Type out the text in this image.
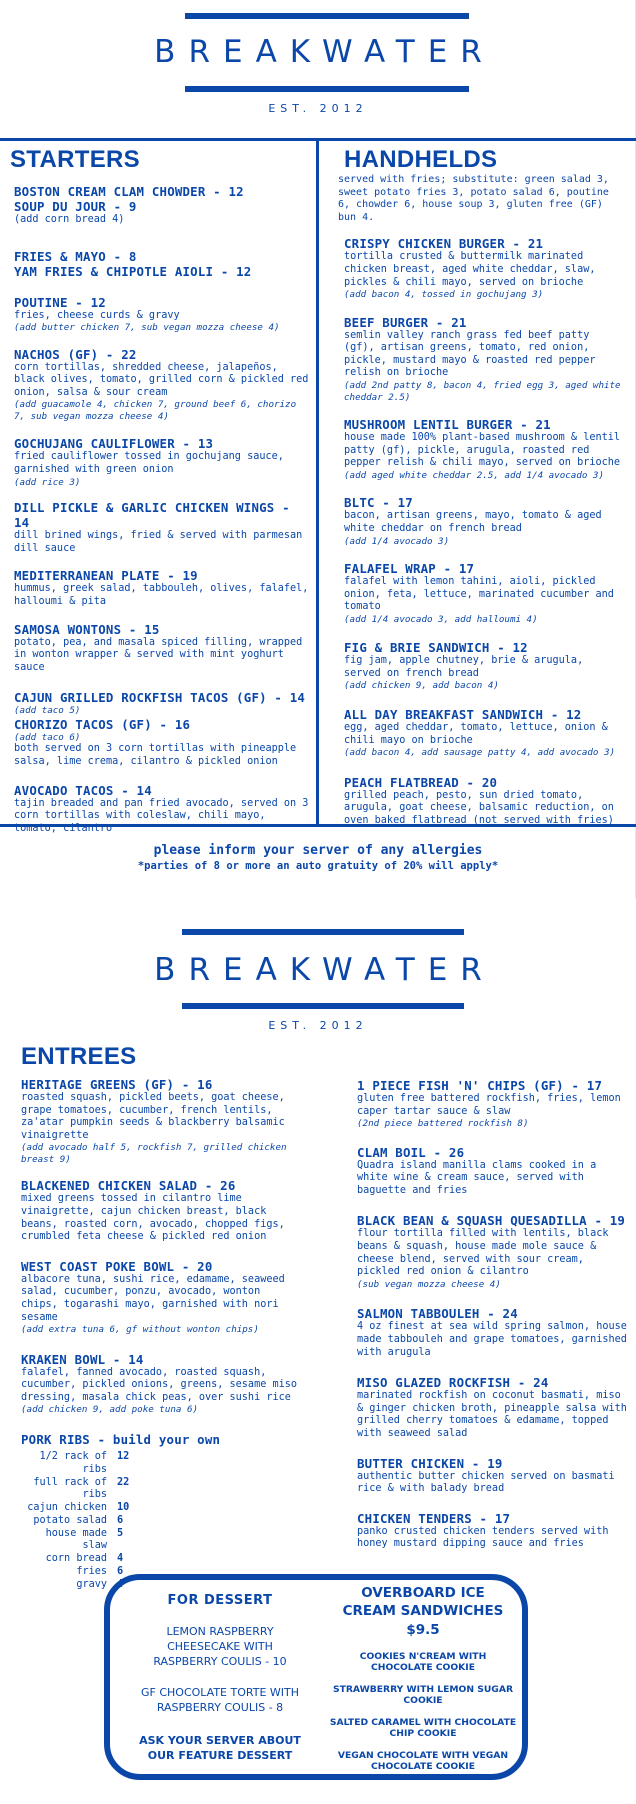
BREAKWATER
EST. 2012
STARTERS
BOSTON CREAM CLAM CHOWDER - 12
SOUP DU JOUR - 9
(add corn bread 4)
FRIES & MAYO - 8
YAM FRIES & CHIPOTLE AIOLI - 12
POUTINE - 12
fries, cheese curds & gravy
(add butter chicken 7, sub vegan mozza cheese 4)
NACHOS (GF) - 22
corn tortillas, shredded cheese, jalapeños, black olives, tomato, grilled corn & pickled red onion, salsa & sour cream
(add guacamole 4, chicken 7, ground beef 6, chorizo 7, sub vegan mozza cheese 4)
GOCHUJANG CAULIFLOWER - 13
fried cauliflower tossed in gochujang sauce, garnished with green onion
(add rice 3)
DILL PICKLE & GARLIC CHICKEN WINGS - 14
dill brined wings, fried & served with parmesan dill sauce
MEDITERRANEAN PLATE - 19
hummus, greek salad, tabbouleh, olives, falafel, halloumi & pita
SAMOSA WONTONS - 15
potato, pea, and masala spiced filling, wrapped in wonton wrapper & served with mint yoghurt sauce
CAJUN GRILLED ROCKFISH TACOS (GF) - 14
(add taco 5)
CHORIZO TACOS (GF) - 16
(add taco 6)
both served on 3 corn tortillas with pineapple salsa, lime crema, cilantro & pickled onion
AVOCADO TACOS - 14
tajin breaded and pan fried avocado, served on 3 corn tortillas with coleslaw, chili mayo, tomato, cilantro
HANDHELDS
served with fries; substitute: green salad 3, sweet potato fries 3, potato salad 6, poutine 6, chowder 6, house soup 3, gluten free (GF) bun 4.
CRISPY CHICKEN BURGER - 21
tortilla crusted & buttermilk marinated chicken breast, aged white cheddar, slaw, pickles & chili mayo, served on brioche
(add bacon 4, tossed in gochujang 3)
BEEF BURGER - 21
semlin valley ranch grass fed beef patty (gf), artisan greens, tomato, red onion, pickle, mustard mayo & roasted red pepper relish on brioche
(add 2nd patty 8, bacon 4, fried egg 3, aged white cheddar 2.5)
MUSHROOM LENTIL BURGER - 21
house made 100% plant-based mushroom & lentil patty (gf), pickle, arugula, roasted red pepper relish & chili mayo, served on brioche
(add aged white cheddar 2.5, add 1/4 avocado 3)
BLTC - 17
bacon, artisan greens, mayo, tomato & aged white cheddar on french bread
(add 1/4 avocado 3)
FALAFEL WRAP - 17
falafel with lemon tahini, aioli, pickled onion, feta, lettuce, marinated cucumber and tomato
(add 1/4 avocado 3, add halloumi 4)
FIG & BRIE SANDWICH - 12
fig jam, apple chutney, brie & arugula, served on french bread
(add chicken 9, add bacon 4)
ALL DAY BREAKFAST SANDWICH - 12
egg, aged cheddar, tomato, lettuce, onion & chili mayo on brioche
(add bacon 4, add sausage patty 4, add avocado 3)
PEACH FLATBREAD - 20
grilled peach, pesto, sun dried tomato, arugula, goat cheese, balsamic reduction, on oven baked flatbread (not served with fries)
please inform your server of any allergies
*parties of 8 or more an auto gratuity of 20% will apply*
BREAKWATER
EST. 2012
ENTREES
HERITAGE GREENS (GF) - 16
roasted squash, pickled beets, goat cheese, grape tomatoes, cucumber, french lentils, za'atar pumpkin seeds & blackberry balsamic vinaigrette
(add avocado half 5, rockfish 7, grilled chicken breast 9)
BLACKENED CHICKEN SALAD - 26
mixed greens tossed in cilantro lime vinaigrette, cajun chicken breast, black beans, roasted corn, avocado, chopped figs, crumbled feta cheese & pickled red onion
WEST COAST POKE BOWL - 20
albacore tuna, sushi rice, edamame, seaweed salad, cucumber, ponzu, avocado, wonton chips, togarashi mayo, garnished with nori sesame
(add extra tuna 6, gf without wonton chips)
KRAKEN BOWL - 14
falafel, fanned avocado, roasted squash, cucumber, pickled onions, greens, sesame miso dressing, masala chick peas, over sushi rice
(add chicken 9, add poke tuna 6)
PORK RIBS - build your own
1/2 rack of ribs
12
full rack of ribs
22
cajun chicken 10
potato salad 6
house made slaw
5
corn bread 4
fries 6
gravy 4
1 PIECE FISH 'N' CHIPS (GF) - 17
gluten free battered rockfish, fries, lemon caper tartar sauce & slaw
(2nd piece battered rockfish 8)
CLAM BOIL - 26
Quadra island manilla clams cooked in a white wine & cream sauce, served with baguette and fries
BLACK BEAN & SQUASH QUESADILLA - 19
flour tortilla filled with lentils, black beans & squash, house made mole sauce & cheese blend, served with sour cream, pickled red onion & cilantro
(sub vegan mozza cheese 4)
SALMON TABBOULEH - 24
4 oz finest at sea wild spring salmon, house made tabbouleh and grape tomatoes, garnished with arugula
MISO GLAZED ROCKFISH - 24
marinated rockfish on coconut basmati, miso & ginger chicken broth, pineapple salsa with grilled cherry tomatoes & edamame, topped with seaweed salad
BUTTER CHICKEN - 19
authentic butter chicken served on basmati rice & with balady bread
CHICKEN TENDERS - 17
panko crusted chicken tenders served with honey mustard dipping sauce and fries
FOR DESSERT
LEMON RASPBERRY
CHEESECAKE WITH
RASPBERRY COULIS - 10
GF CHOCOLATE TORTE WITH
RASPBERRY COULIS - 8
ASK YOUR SERVER ABOUT
OUR FEATURE DESSERT
OVERBOARD ICE
CREAM SANDWICHES
$9.5
COOKIES N'CREAM WITH CHOCOLATE COOKIE
STRAWBERRY WITH LEMON SUGAR COOKIE
SALTED CARAMEL WITH CHOCOLATE CHIP COOKIE
VEGAN CHOCOLATE WITH VEGAN CHOCOLATE COOKIE
